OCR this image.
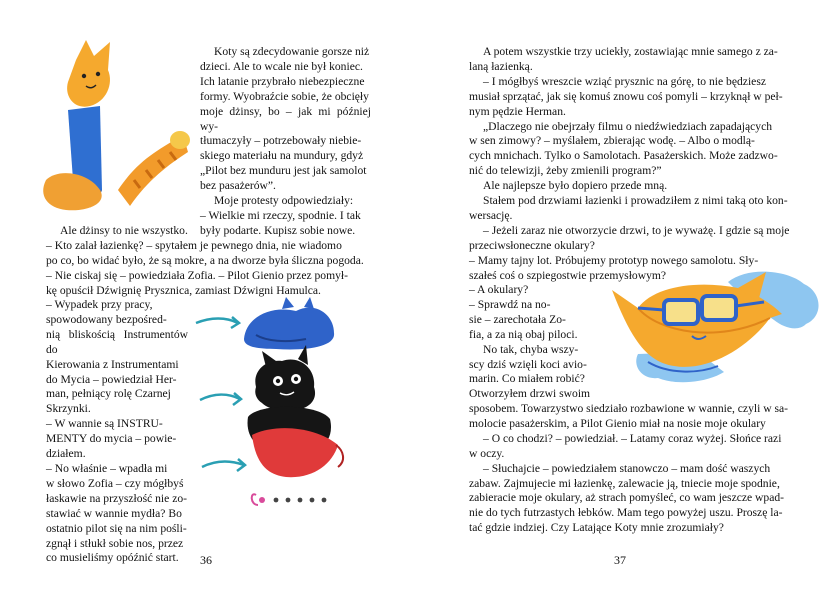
Koty są zdecydowanie gorsze niż

dzieci. Ale to wcale nie był koniec.

Ich latanie przybrało niebezpieczne

formy. Wyobraźcie sobie, że obcięły

moje dżinsy, bo – jak mi później wy-

tłumaczyły – potrzebowały niebie-

skiego materiału na mundury, gdyż

„Pilot bez munduru jest jak samolot

bez pasażerów”.

Moje protesty odpowiedziały:

– Wielkie mi rzeczy, spodnie. I tak

były podarte. Kupisz sobie nowe.

Ale dżinsy to nie wszystko.

– Kto zalał łazienkę? – spytałem je pewnego dnia, nie wiadomo

po co, bo widać było, że są mokre, a na dworze była śliczna pogoda.

– Nie ciskaj się – powiedziała Zofia. – Pilot Gienio przez pomył-

kę opuścił Dźwignię Prysznica, zamiast Dźwigni Hamulca.

– Wypadek przy pracy,

spowodowany bezpośred-

nią bliskością Instrumentów do

Kierowania z Instrumentami

do Mycia – powiedział Her-

man, pełniący rolę Czarnej

Skrzynki.

– W wannie są INSTRU-

MENTY do mycia – powie-

działem.

– No właśnie – wpadła mi

w słowo Zofia – czy mógłbyś

łaskawie na przyszłość nie zo-

stawiać w wannie mydła? Bo

ostatnio pilot się na nim pośli-

zgnął i stłukł sobie nos, przez

co musieliśmy opóźnić start.	36

A potem wszystkie trzy uciekły, zostawiając mnie samego z za-

laną łazienką.

– I mógłbyś wreszcie wziąć prysznic na górę, to nie będziesz

musiał sprzątać, jak się komuś znowu coś pomyli – krzyknął w peł-

nym pędzie Herman.

„Dlaczego nie obejrzały filmu o niedźwiedziach zapadających

w sen zimowy? – myślałem, zbierając wodę. – Albo o modlą-

cych mnichach. Tylko o Samolotach. Pasażerskich. Może zadzwo-

nić do telewizji, żeby zmienili program?”

Ale najlepsze było dopiero przede mną.

Stałem pod drzwiami łazienki i prowadziłem z nimi taką oto kon-

wersację.

– Jeżeli zaraz nie otworzycie drzwi, to je wyważę. I gdzie są moje

przeciwsłoneczne okulary?

– Mamy tajny lot. Próbujemy prototyp nowego samolotu. Sły-

szałeś coś o szpiegostwie przemysłowym?

– A okulary?

– Sprawdź na no-

sie – zarechotała Zo-

fia, a za nią obaj piloci.

No tak, chyba wszy-

scy dziś wzięli koci avio-

marin. Co miałem robić?

Otworzyłem drzwi swoim

sposobem. Towarzystwo siedziało rozbawione w wannie, czyli w sa-

molocie pasażerskim, a Pilot Gienio miał na nosie moje okulary

– O co chodzi? – powiedział. – Latamy coraz wyżej. Słońce razi

w oczy.

– Słuchajcie – powiedziałem stanowczo – mam dość waszych

zabaw. Zajmujecie mi łazienkę, zalewacie ją, tniecie moje spodnie,

zabieracie moje okulary, aż strach pomyśleć, co wam jeszcze wpad-

nie do tych futrzastych łebków. Mam tego powyżej uszu. Proszę la-

tać gdzie indziej. Czy Latające Koty mnie zrozumiały?

37
